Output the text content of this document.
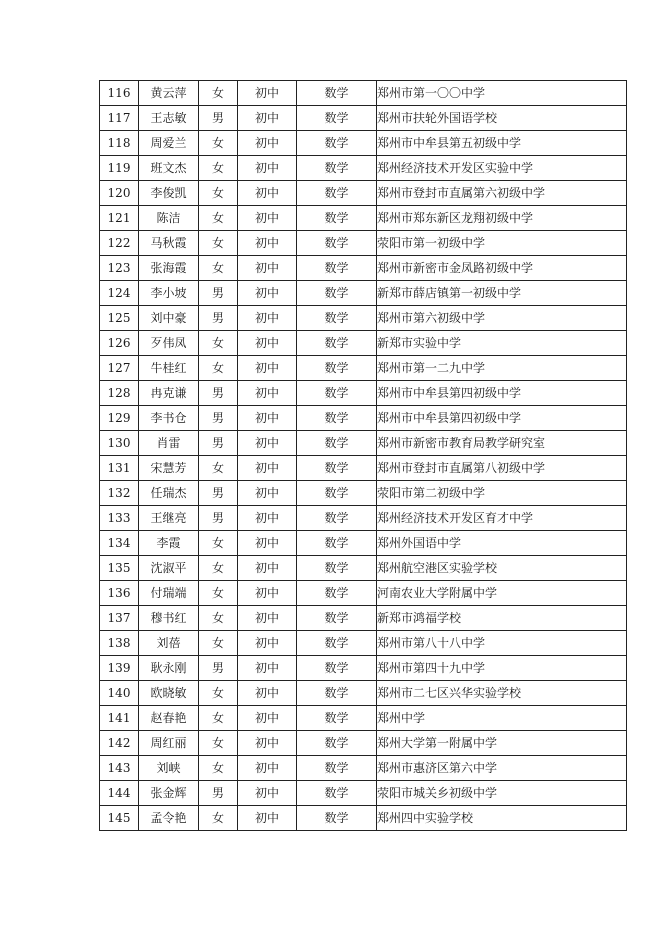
116	黄云萍	女	初中	数学	郑州市第一〇〇中学
117	王志敏	男	初中	数学	郑州市扶轮外国语学校
118	周爱兰	女	初中	数学	郑州市中牟县第五初级中学
119	班文杰	女	初中	数学	郑州经济技术开发区实验中学
120	李俊凯	女	初中	数学	郑州市登封市直属第六初级中学
121	陈洁	女	初中	数学	郑州市郑东新区龙翔初级中学
122	马秋霞	女	初中	数学	荥阳市第一初级中学
123	张海霞	女	初中	数学	郑州市新密市金凤路初级中学
124	李小坡	男	初中	数学	新郑市薛店镇第一初级中学
125	刘中豪	男	初中	数学	郑州市第六初级中学
126	歹伟凤	女	初中	数学	新郑市实验中学
127	牛桂红	女	初中	数学	郑州市第一二九中学
128	冉克谦	男	初中	数学	郑州市中牟县第四初级中学
129	李书仓	男	初中	数学	郑州市中牟县第四初级中学
130	肖雷	男	初中	数学	郑州市新密市教育局教学研究室
131	宋慧芳	女	初中	数学	郑州市登封市直属第八初级中学
132	任瑞杰	男	初中	数学	荥阳市第二初级中学
133	王继亮	男	初中	数学	郑州经济技术开发区育才中学
134	李霞	女	初中	数学	郑州外国语中学
135	沈淑平	女	初中	数学	郑州航空港区实验学校
136	付瑞端	女	初中	数学	河南农业大学附属中学
137	穆书红	女	初中	数学	新郑市鸿福学校
138	刘蓓	女	初中	数学	郑州市第八十八中学
139	耿永刚	男	初中	数学	郑州市第四十九中学
140	欧晓敏	女	初中	数学	郑州市二七区兴华实验学校
141	赵春艳	女	初中	数学	郑州中学
142	周红丽	女	初中	数学	郑州大学第一附属中学
143	刘峡	女	初中	数学	郑州市惠济区第六中学
144	张金辉	男	初中	数学	荥阳市城关乡初级中学
145	孟令艳	女	初中	数学	郑州四中实验学校
